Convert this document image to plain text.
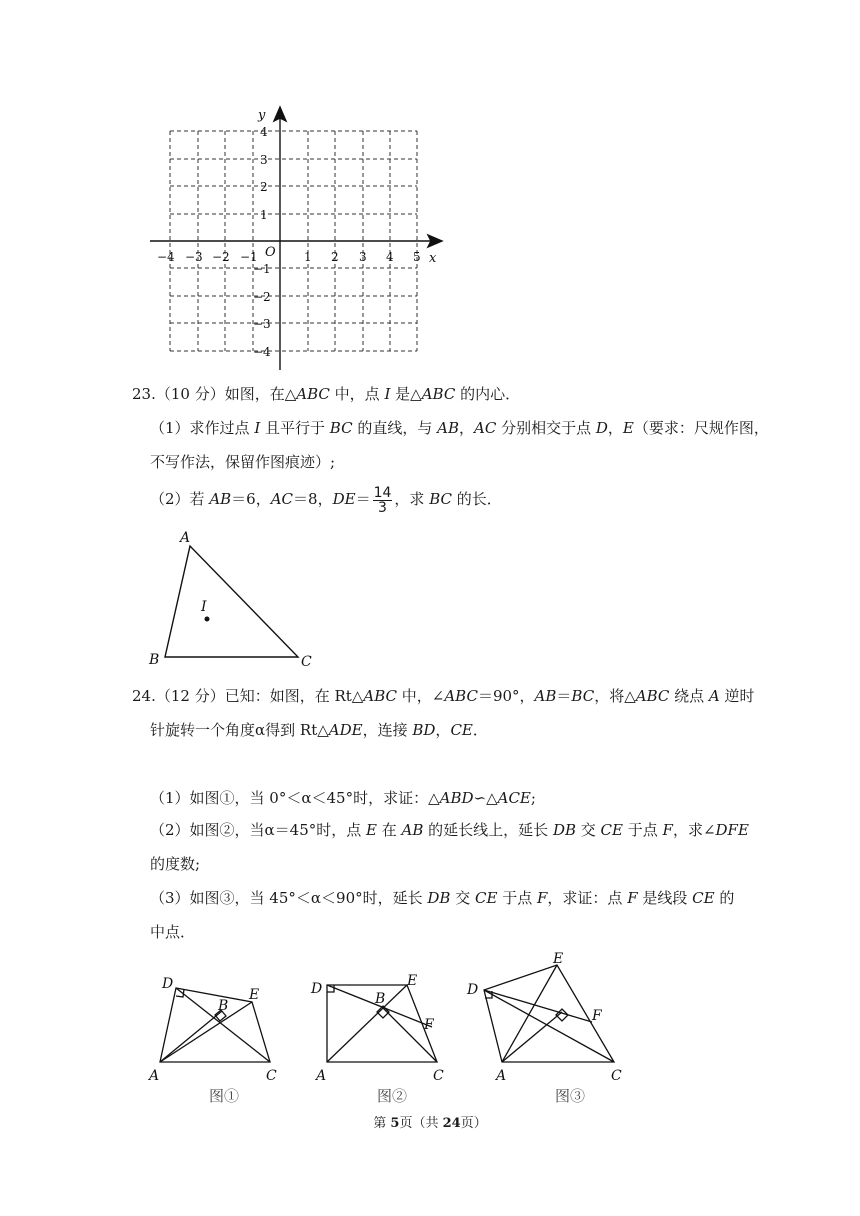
x
y
O
−4 −3 −2 −1	1 2 3 4 5
4
3
2
1
−1
−2
−3
−4
23.（10 分）如图，在△ABC 中，点 I 是△ABC 的内心．
（1）求作过点 I 且平行于 BC 的直线，与 AB，AC 分别相交于点 D，E（要求：尺规作图，
不写作法，保留作图痕迹）;
（2）若 AB＝6，AC＝8，$DE= \frac{14}{3}$ ，求 BC 的长．
A
B	C
I
24.（12 分）已知：如图，在 Rt△ABC 中，∠ABC＝90°，AB＝BC，将△ABC 绕点 A 逆时
针旋转一个角度α得到 Rt△ADE，连接 BD，CE．
（1）如图①，当 0°＜α＜45°时，求证：△ABD∽△ACE;
（2）如图②，当α＝45°时，点 E 在 AB 的延长线上，延长 DB 交 CE 于点 F，求∠DFE
的度数;
（3）如图③，当 45°＜α＜90°时，延长 DB 交 CE 于点 F，求证：点 F 是线段 CE 的
中点．
D
B
E
A	C
D
B
E
F
A	C
D
E
F
A	C
图①	图②	图③
第 5页（共 24页）
